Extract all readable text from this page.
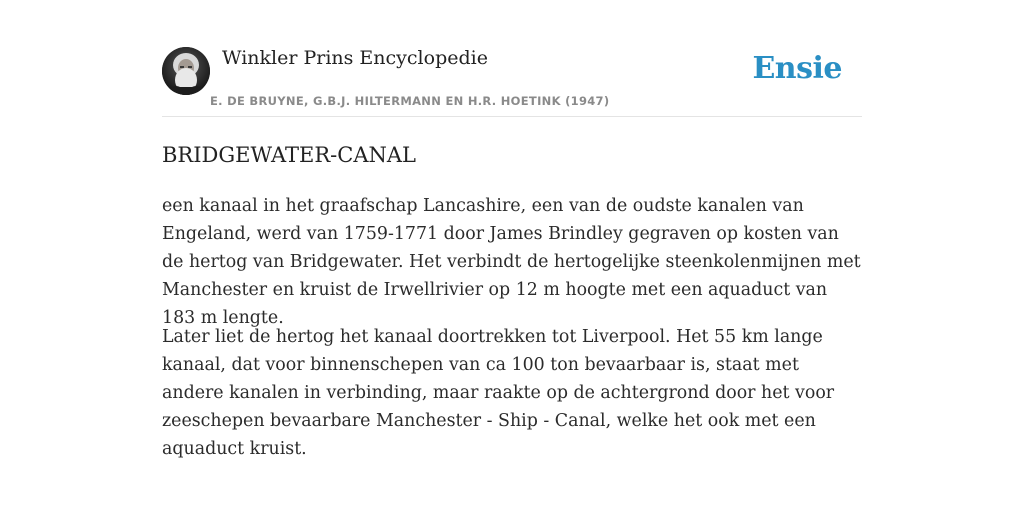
Winkler Prins Encyclopedie
E. DE BRUYNE, G.B.J. HILTERMANN EN H.R. HOETINK (1947)
Ensie
BRIDGEWATER-CANAL

een kanaal in het graafschap Lancashire, een van de oudste kanalen van Engeland, werd van 1759-1771 door James Brindley gegraven op kosten van de hertog van Bridgewater. Het verbindt de hertogelijke steenkolenmijnen met Manchester en kruist de Irwellrivier op 12 m hoogte met een aquaduct van 183 m lengte.

Later liet de hertog het kanaal doortrekken tot Liverpool. Het 55 km lange kanaal, dat voor binnenschepen van ca 100 ton bevaarbaar is, staat met andere kanalen in verbinding, maar raakte op de achtergrond door het voor zeeschepen bevaarbare Manchester - Ship - Canal, welke het ook met een aquaduct kruist.
